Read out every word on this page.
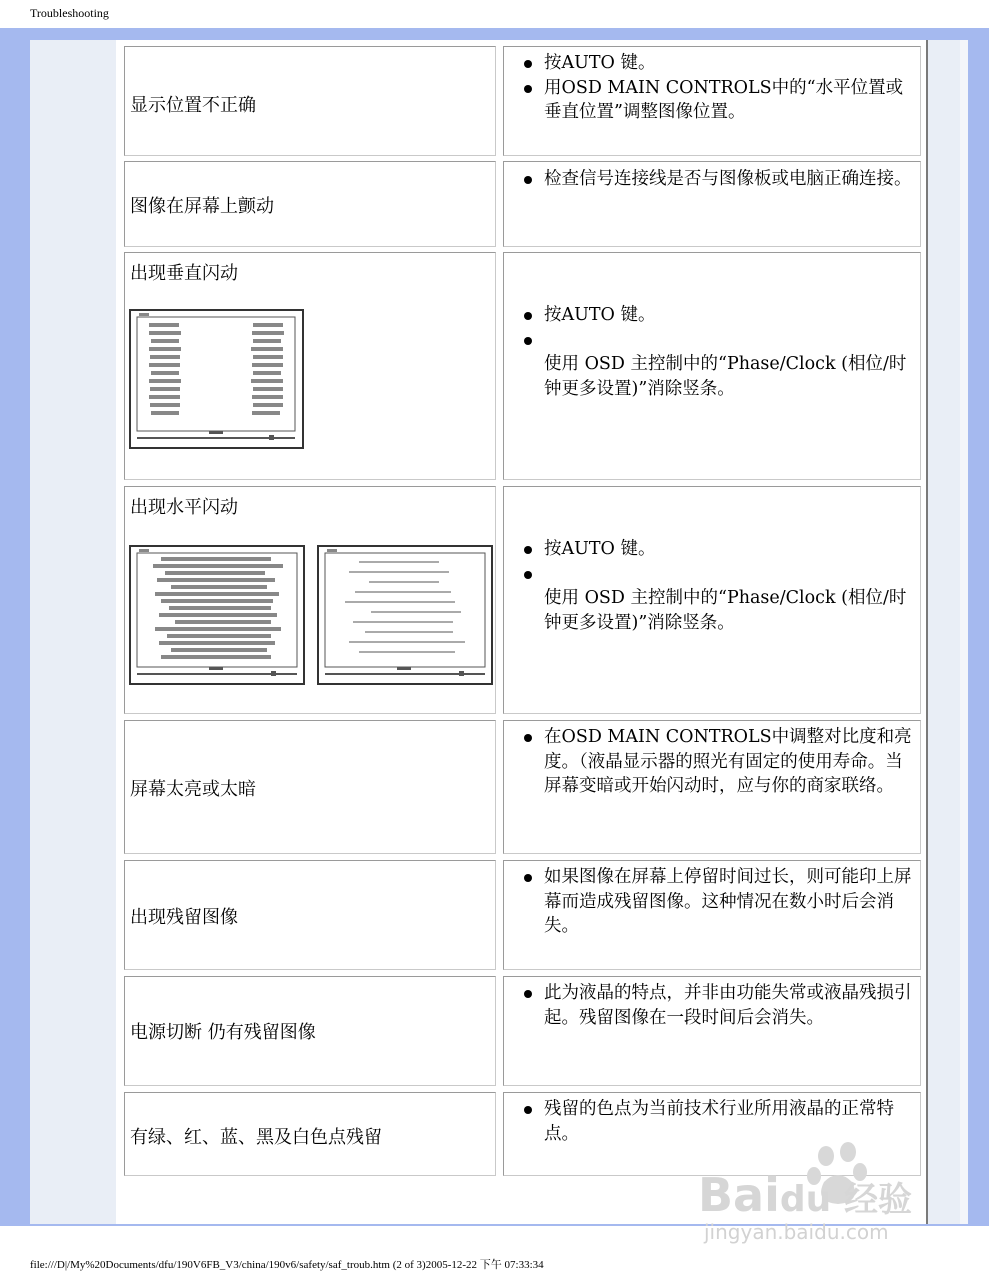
Troubleshooting
显示位置不正确
按AUTO 键。
用OSD MAIN CONTROLS中的“水平位置或垂直位置”调整图像位置。
图像在屏幕上颤动
检查信号连接线是否与图像板或电脑正确连接。
出现垂直闪动
按AUTO 键。
使用 OSD 主控制中的“Phase/Clock (相位/时钟更多设置)”消除竖条。
出现水平闪动
按AUTO 键。
使用 OSD 主控制中的“Phase/Clock (相位/时钟更多设置)”消除竖条。
屏幕太亮或太暗
在OSD MAIN CONTROLS中调整对比度和亮度。（液晶显示器的照光有固定的使用寿命。当屏幕变暗或开始闪动时，应与你的商家联络。
出现残留图像
如果图像在屏幕上停留时间过长，则可能印上屏幕而造成残留图像。这种情况在数小时后会消失。
电源切断 仍有残留图像
此为液晶的特点，并非由功能失常或液晶残损引起。残留图像在一段时间后会消失。
有绿、红、蓝、黑及白色点残留
残留的色点为当前技术行业所用液晶的正常特点。
Baidu 经验
jingyan.baidu.com
file:///D|/My%20Documents/dfu/190V6FB_V3/china/190v6/safety/saf_troub.htm (2 of 3)2005-12-22 下午 07:33:34
